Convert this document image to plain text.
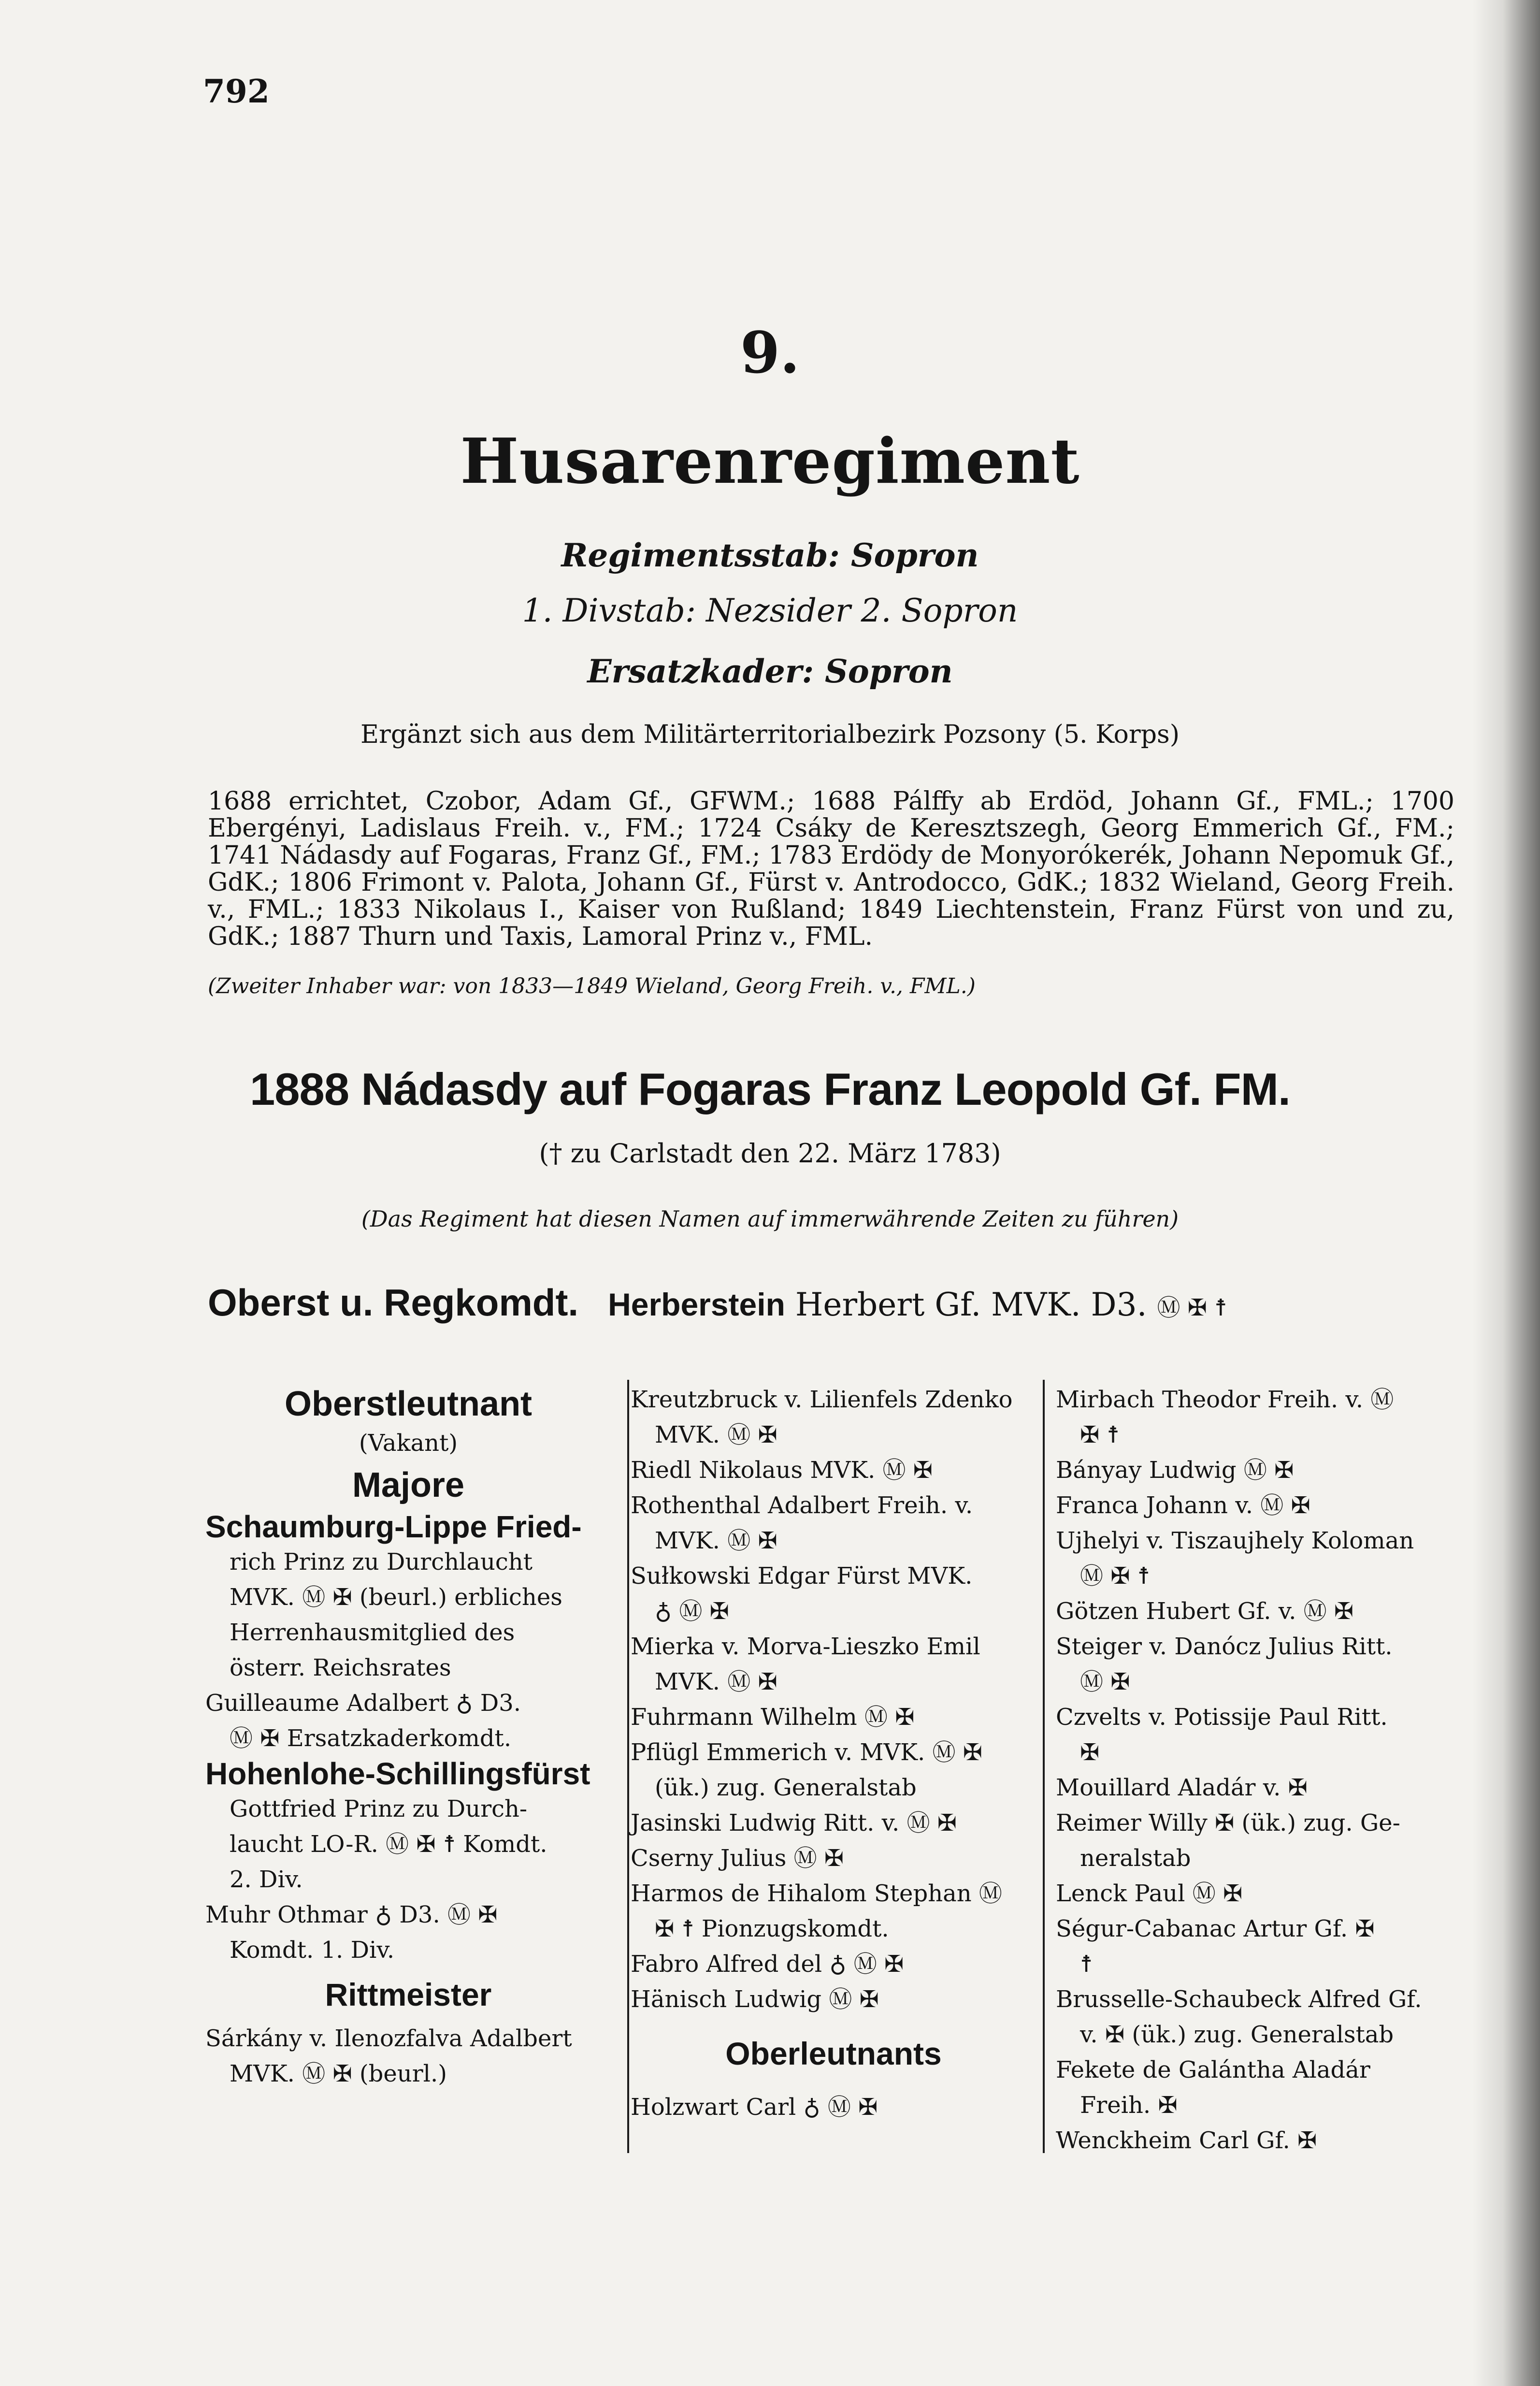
792
9.
Husarenregiment
Regimentsstab: Sopron
1. Divstab: Nezsider 2. Sopron
Ersatzkader: Sopron
Ergänzt sich aus dem Militärterritorialbezirk Pozsony (5. Korps)
1688 errichtet, Czobor, Adam Gf., GFWM.; 1688 Pálffy ab Erdöd, Johann Gf., FML.; 1700 Ebergényi, Ladislaus Freih. v., FM.; 1724 Csáky de Keresztszegh, Georg Emmerich Gf., FM.; 1741 Nádasdy auf Fogaras, Franz Gf., FM.; 1783 Erdödy de Monyorókerék, Johann Nepomuk Gf., GdK.; 1806 Frimont v. Palota, Johann Gf., Fürst v. Antrodocco, GdK.; 1832 Wieland, Georg Freih. v., FML.; 1833 Nikolaus I., Kaiser von Rußland; 1849 Liechtenstein, Franz Fürst von und zu, GdK.; 1887 Thurn und Taxis, Lamoral Prinz v., FML.
(Zweiter Inhaber war: von 1833—1849 Wieland, Georg Freih. v., FML.)
1888 Nádasdy auf Fogaras Franz Leopold Gf. FM.
(† zu Carlstadt den 22. März 1783)
(Das Regiment hat diesen Namen auf immerwährende Zeiten zu führen)
Oberst u. Regkomdt. Herberstein Herbert Gf. MVK. D3. Ⓜ ✠ ☨
Oberstleutnant
(Vakant)
Majore
Schaumburg-Lippe Fried-
rich Prinz zu Durchlaucht
MVK. Ⓜ ✠ (beurl.) erbliches
Herrenhausmitglied des
österr. Reichsrates
Guilleaume Adalbert ♁ D3.
Ⓜ ✠ Ersatzkaderkomdt.
Hohenlohe-Schillingsfürst
Gottfried Prinz zu Durch-
laucht LO-R. Ⓜ ✠ ☨ Komdt.
2. Div.
Muhr Othmar ♁ D3. Ⓜ ✠
Komdt. 1. Div.
Rittmeister
Sárkány v. Ilenozfalva Adalbert
MVK. Ⓜ ✠ (beurl.)
Kreutzbruck v. Lilienfels Zdenko
MVK. Ⓜ ✠
Riedl Nikolaus MVK. Ⓜ ✠
Rothenthal Adalbert Freih. v.
MVK. Ⓜ ✠
Sułkowski Edgar Fürst MVK.
♁ Ⓜ ✠
Mierka v. Morva-Lieszko Emil
MVK. Ⓜ ✠
Fuhrmann Wilhelm Ⓜ ✠
Pflügl Emmerich v. MVK. Ⓜ ✠
(ük.) zug. Generalstab
Jasinski Ludwig Ritt. v. Ⓜ ✠
Cserny Julius Ⓜ ✠
Harmos de Hihalom Stephan Ⓜ
✠ ☨ Pionzugskomdt.
Fabro Alfred del ♁ Ⓜ ✠
Hänisch Ludwig Ⓜ ✠
Oberleutnants
Holzwart Carl ♁ Ⓜ ✠
Mirbach Theodor Freih. v. Ⓜ
✠ ☨
Bányay Ludwig Ⓜ ✠
Franca Johann v. Ⓜ ✠
Ujhelyi v. Tiszaujhely Koloman
Ⓜ ✠ ☨
Götzen Hubert Gf. v. Ⓜ ✠
Steiger v. Danócz Julius Ritt.
Ⓜ ✠
Czvelts v. Potissije Paul Ritt.
✠
Mouillard Aladár v. ✠
Reimer Willy ✠ (ük.) zug. Ge-
neralstab
Lenck Paul Ⓜ ✠
Ségur-Cabanac Artur Gf. ✠
☨
Brusselle-Schaubeck Alfred Gf.
v. ✠ (ük.) zug. Generalstab
Fekete de Galántha Aladár
Freih. ✠
Wenckheim Carl Gf. ✠
